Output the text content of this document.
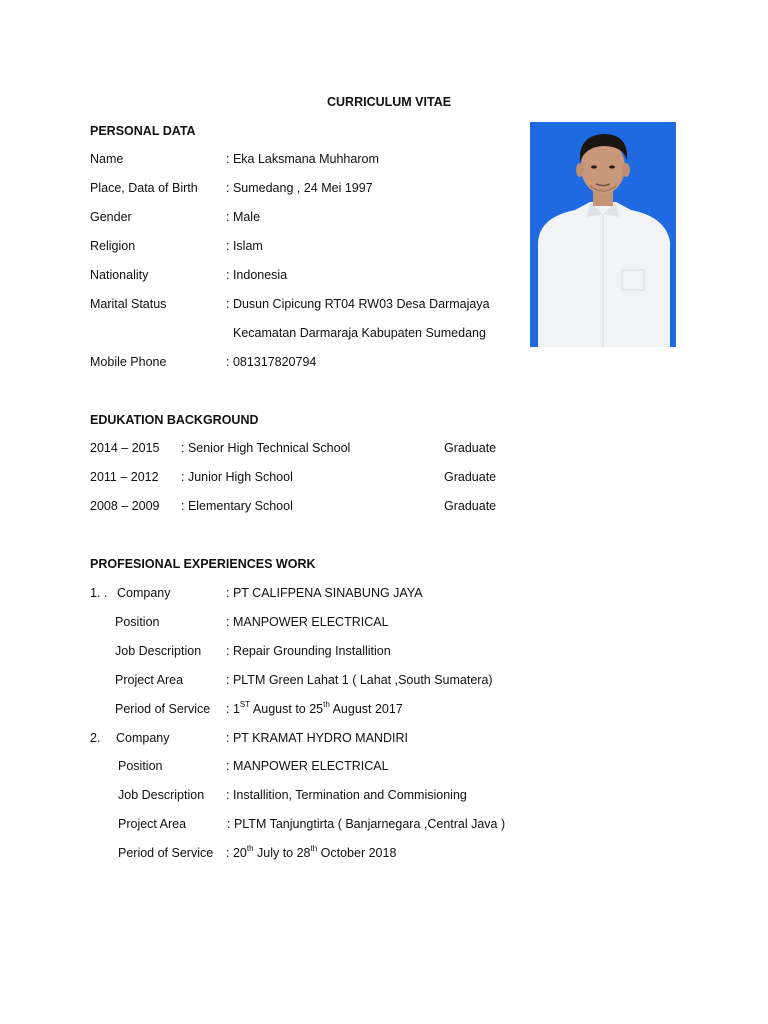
CURRICULUM VITAE
PERSONAL DATA
Name	: Eka Laksmana Muhharom
Place, Data of Birth : Sumedang , 24 Mei 1997
Gender	: Male
Religion	: Islam
Nationality	: Indonesia
Marital Status	: Dusun Cipicung RT04 RW03 Desa Darmajaya
Kecamatan Darmaraja Kabupaten Sumedang
Mobile Phone	: 081317820794
EDUKATION BACKGROUND
2014 – 2015 : Senior High Technical School	Graduate
2011 – 2012 : Junior High School	Graduate
2008 – 2009 : Elementary School	Graduate
PROFESIONAL EXPERIENCES WORK
1. . Company	: PT CALIFPENA SINABUNG JAYA
Position	: MANPOWER ELECTRICAL
Job Description : Repair Grounding Installition
Project Area	: PLTM Green Lahat 1 ( Lahat ,South Sumatera)
Period of Service : 1ST August to 25th August 2017
2. Company	: PT KRAMAT HYDRO MANDIRI
Position	: MANPOWER ELECTRICAL
Job Description : Installition, Termination and Commisioning
Project Area	: PLTM Tanjungtirta ( Banjarnegara ,Central Java )
Period of Service : 20th July to 28th October 2018
